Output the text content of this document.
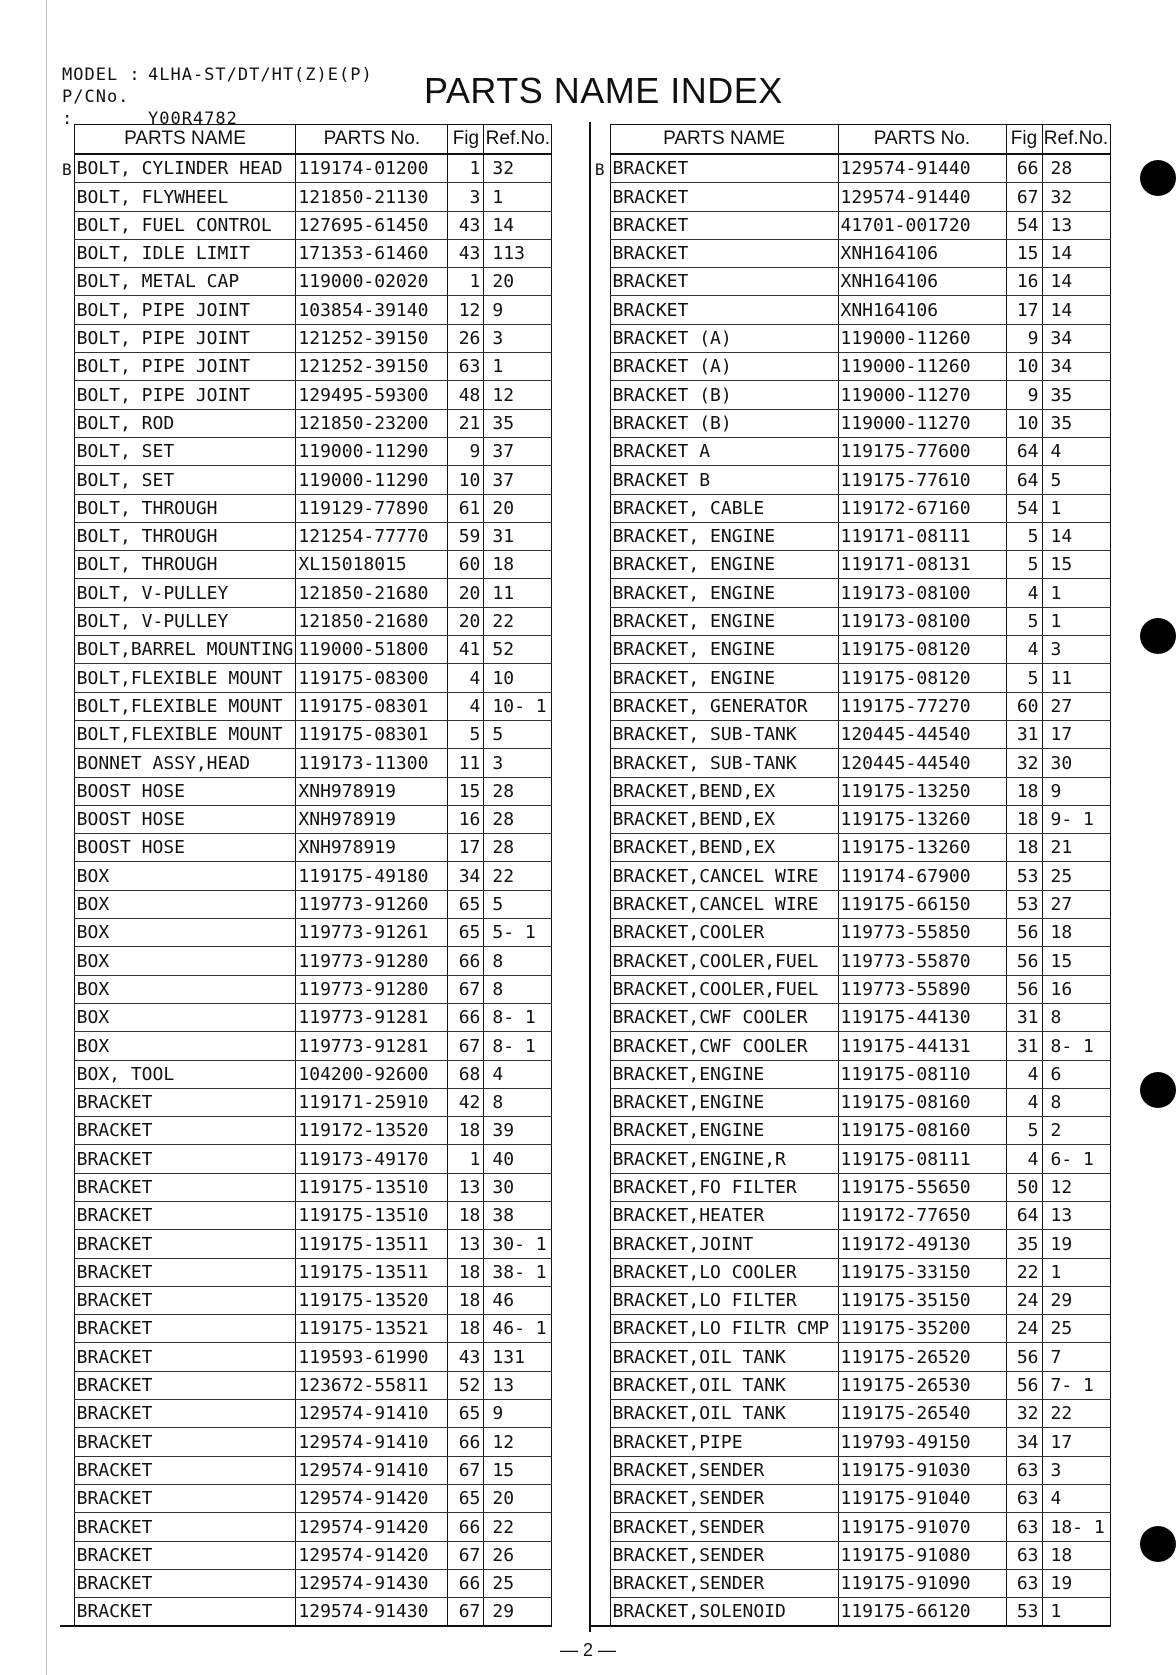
MODEL : 4LHA-ST/DT/HT(Z)E(P)
P/CNo. :	Y00R4782
PARTS NAME INDEX
	PARTS NAME	PARTS No.	Fig	Ref.No.
B	BOLT, CYLINDER HEAD	119174-01200	1	32
	BOLT, FLYWHEEL	121850-21130	3	1
	BOLT, FUEL CONTROL	127695-61450	43	14
	BOLT, IDLE LIMIT	171353-61460	43	113
	BOLT, METAL CAP	119000-02020	1	20
	BOLT, PIPE JOINT	103854-39140	12	9
	BOLT, PIPE JOINT	121252-39150	26	3
	BOLT, PIPE JOINT	121252-39150	63	1
	BOLT, PIPE JOINT	129495-59300	48	12
	BOLT, ROD	121850-23200	21	35
	BOLT, SET	119000-11290	9	37
	BOLT, SET	119000-11290	10	37
	BOLT, THROUGH	119129-77890	61	20
	BOLT, THROUGH	121254-77770	59	31
	BOLT, THROUGH	XL15018015	60	18
	BOLT, V-PULLEY	121850-21680	20	11
	BOLT, V-PULLEY	121850-21680	20	22
	BOLT,BARREL MOUNTING	119000-51800	41	52
	BOLT,FLEXIBLE MOUNT	119175-08300	4	10
	BOLT,FLEXIBLE MOUNT	119175-08301	4	10- 1
	BOLT,FLEXIBLE MOUNT	119175-08301	5	5
	BONNET ASSY,HEAD	119173-11300	11	3
	BOOST HOSE	XNH978919	15	28
	BOOST HOSE	XNH978919	16	28
	BOOST HOSE	XNH978919	17	28
	BOX	119175-49180	34	22
	BOX	119773-91260	65	5
	BOX	119773-91261	65	5- 1
	BOX	119773-91280	66	8
	BOX	119773-91280	67	8
	BOX	119773-91281	66	8- 1
	BOX	119773-91281	67	8- 1
	BOX, TOOL	104200-92600	68	4
	BRACKET	119171-25910	42	8
	BRACKET	119172-13520	18	39
	BRACKET	119173-49170	1	40
	BRACKET	119175-13510	13	30
	BRACKET	119175-13510	18	38
	BRACKET	119175-13511	13	30- 1
	BRACKET	119175-13511	18	38- 1
	BRACKET	119175-13520	18	46
	BRACKET	119175-13521	18	46- 1
	BRACKET	119593-61990	43	131
	BRACKET	123672-55811	52	13
	BRACKET	129574-91410	65	9
	BRACKET	129574-91410	66	12
	BRACKET	129574-91410	67	15
	BRACKET	129574-91420	65	20
	BRACKET	129574-91420	66	22
	BRACKET	129574-91420	67	26
	BRACKET	129574-91430	66	25
	BRACKET	129574-91430	67	29
	PARTS NAME	PARTS No.	Fig	Ref.No.
B	BRACKET	129574-91440	66	28
	BRACKET	129574-91440	67	32
	BRACKET	41701-001720	54	13
	BRACKET	XNH164106	15	14
	BRACKET	XNH164106	16	14
	BRACKET	XNH164106	17	14
	BRACKET (A)	119000-11260	9	34
	BRACKET (A)	119000-11260	10	34
	BRACKET (B)	119000-11270	9	35
	BRACKET (B)	119000-11270	10	35
	BRACKET A	119175-77600	64	4
	BRACKET B	119175-77610	64	5
	BRACKET, CABLE	119172-67160	54	1
	BRACKET, ENGINE	119171-08111	5	14
	BRACKET, ENGINE	119171-08131	5	15
	BRACKET, ENGINE	119173-08100	4	1
	BRACKET, ENGINE	119173-08100	5	1
	BRACKET, ENGINE	119175-08120	4	3
	BRACKET, ENGINE	119175-08120	5	11
	BRACKET, GENERATOR	119175-77270	60	27
	BRACKET, SUB-TANK	120445-44540	31	17
	BRACKET, SUB-TANK	120445-44540	32	30
	BRACKET,BEND,EX	119175-13250	18	9
	BRACKET,BEND,EX	119175-13260	18	9- 1
	BRACKET,BEND,EX	119175-13260	18	21
	BRACKET,CANCEL WIRE	119174-67900	53	25
	BRACKET,CANCEL WIRE	119175-66150	53	27
	BRACKET,COOLER	119773-55850	56	18
	BRACKET,COOLER,FUEL	119773-55870	56	15
	BRACKET,COOLER,FUEL	119773-55890	56	16
	BRACKET,CWF COOLER	119175-44130	31	8
	BRACKET,CWF COOLER	119175-44131	31	8- 1
	BRACKET,ENGINE	119175-08110	4	6
	BRACKET,ENGINE	119175-08160	4	8
	BRACKET,ENGINE	119175-08160	5	2
	BRACKET,ENGINE,R	119175-08111	4	6- 1
	BRACKET,FO FILTER	119175-55650	50	12
	BRACKET,HEATER	119172-77650	64	13
	BRACKET,JOINT	119172-49130	35	19
	BRACKET,LO COOLER	119175-33150	22	1
	BRACKET,LO FILTER	119175-35150	24	29
	BRACKET,LO FILTR CMP	119175-35200	24	25
	BRACKET,OIL TANK	119175-26520	56	7
	BRACKET,OIL TANK	119175-26530	56	7- 1
	BRACKET,OIL TANK	119175-26540	32	22
	BRACKET,PIPE	119793-49150	34	17
	BRACKET,SENDER	119175-91030	63	3
	BRACKET,SENDER	119175-91040	63	4
	BRACKET,SENDER	119175-91070	63	18- 1
	BRACKET,SENDER	119175-91080	63	18
	BRACKET,SENDER	119175-91090	63	19
	BRACKET,SOLENOID	119175-66120	53	1
— 2 —
